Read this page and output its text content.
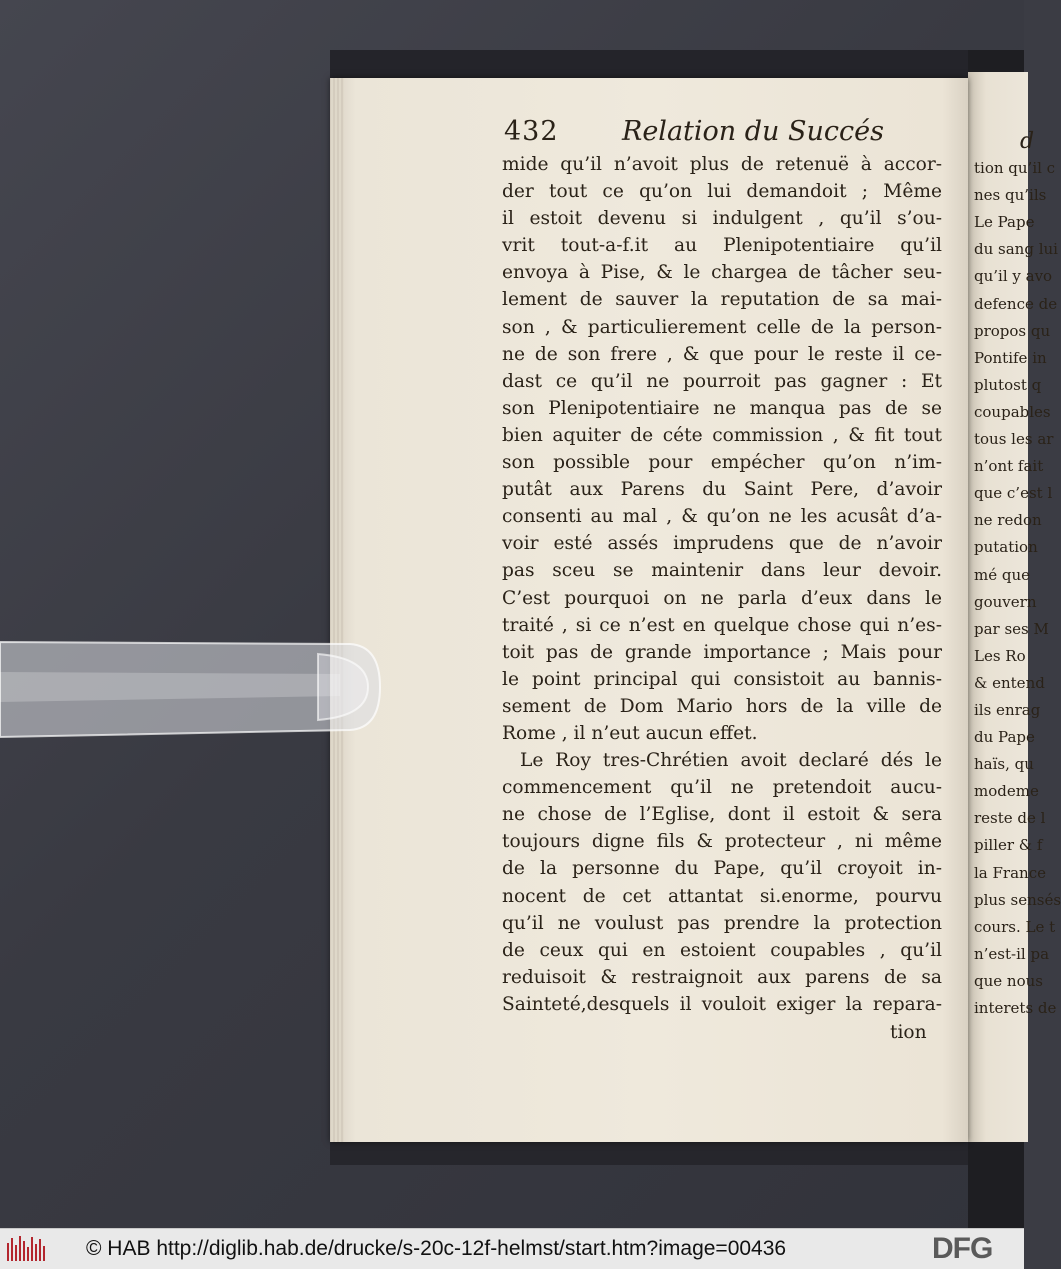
d
tion qu’il c
nes qu’ils
Le Pape
du sang lui
qu’il y avo
defence de
propos qu
Pontife in
plutost q
coupables
tous les ar
n’ont fait
que c’est l
ne redon
putation
mé que
gouvern
par ses M
Les Ro
& entend
ils enrag
du Pape
haïs, qu
modeme
reste de l
piller & f
la France
plus sensés
cours. Le t
n’est-il pa
que nous
interets de
432 Relation du Succés
mide qu’il n’avoit plus de retenuë à accor-
der tout ce qu’on lui demandoit ; Même
il estoit devenu si indulgent , qu’il s’ou-
vrit tout-a-f.it au Plenipotentiaire qu’il
envoya à Pise, & le chargea de tâcher seu-
lement de sauver la reputation de sa mai-
son , & particulierement celle de la person-
ne de son frere , & que pour le reste il ce-
dast ce qu’il ne pourroit pas gagner : Et
son Plenipotentiaire ne manqua pas de se
bien aquiter de céte commission , & fit tout
son possible pour empécher qu’on n’im-
putât aux Parens du Saint Pere, d’avoir
consenti au mal , & qu’on ne les acusât d’a-
voir esté assés imprudens que de n’avoir
pas sceu se maintenir dans leur devoir.
C’est pourquoi on ne parla d’eux dans le
traité , si ce n’est en quelque chose qui n’es-
toit pas de grande importance ; Mais pour
le point principal qui consistoit au bannis-
sement de Dom Mario hors de la ville de
Rome , il n’eut aucun effet.
Le Roy tres-Chrétien avoit declaré dés le
commencement qu’il ne pretendoit aucu-
ne chose de l’Eglise, dont il estoit & sera
toujours digne fils & protecteur , ni même
de la personne du Pape, qu’il croyoit in-
nocent de cet attantat si.enorme, pourvu
qu’il ne voulust pas prendre la protection
de ceux qui en estoient coupables , qu’il
reduisoit & restraignoit aux parens de sa
Sainteté,desquels il vouloit exiger la repara-
tion
© HAB http://diglib.hab.de/drucke/s-20c-12f-helmst/start.htm?image=00436	DFG
